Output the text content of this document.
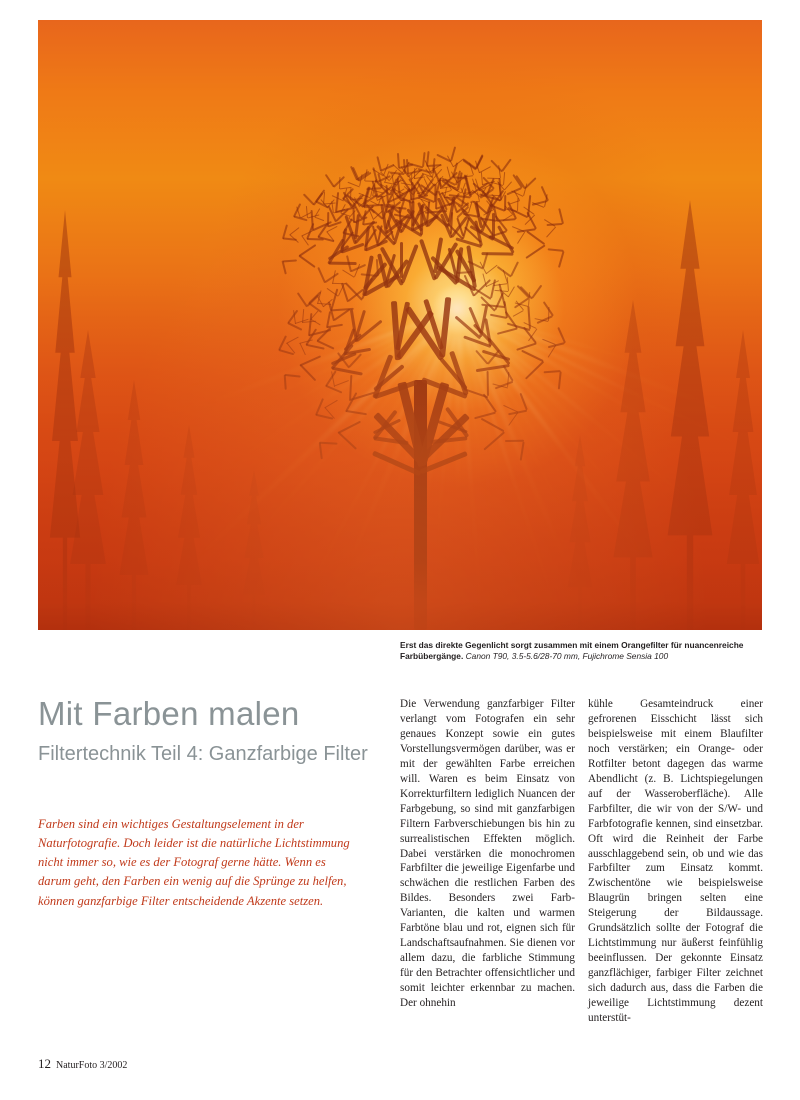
Erst das direkte Gegenlicht sorgt zusammen mit einem Orangefilter für nuancenreiche Farbübergänge. Canon T90, 3.5-5.6/28-70 mm, Fujichrome Sensia 100
Mit Farben malen
Filtertechnik Teil 4: Ganzfarbige Filter
Farben sind ein wichtiges Gestaltungselement in der Naturfotografie. Doch leider ist die natürliche Lichtstimmung nicht immer so, wie es der Fotograf gerne hätte. Wenn es darum geht, den Farben ein wenig auf die Sprünge zu helfen, können ganzfarbige Filter entscheidende Akzente setzen.

Die Verwendung ganzfarbiger Filter verlangt vom Fotografen ein sehr genaues Konzept sowie ein gutes Vorstellungsvermögen darüber, was er mit der gewählten Farbe erreichen will. Waren es beim Einsatz von Korrekturfiltern lediglich Nuancen der Farbgebung, so sind mit ganzfarbigen Filtern Farbverschiebungen bis hin zu surrealistischen Effekten möglich. Dabei verstärken die monochromen Farbfilter die jeweilige Eigenfarbe und schwächen die restlichen Farben des Bildes. Besonders zwei Farb-Varianten, die kalten und warmen Farbtöne blau und rot, eignen sich für Landschaftsaufnahmen. Sie dienen vor allem dazu, die farbliche Stimmung für den Betrachter offensichtlicher und somit leichter erkennbar zu machen. Der ohnehin

kühle Gesamteindruck einer gefrorenen Eisschicht lässt sich beispielsweise mit einem Blaufilter noch verstärken; ein Orange- oder Rotfilter betont dagegen das warme Abendlicht (z. B. Lichtspiegelungen auf der Wasseroberfläche). Alle Farbfilter, die wir von der S/W- und Farbfotografie kennen, sind einsetzbar. Oft wird die Reinheit der Farbe ausschlaggebend sein, ob und wie das Farbfilter zum Einsatz kommt. Zwischentöne wie beispielsweise Blaugrün bringen selten eine Steigerung der Bildaussage. Grundsätzlich sollte der Fotograf die Lichtstimmung nur äußerst feinfühlig beeinflussen. Der gekonnte Einsatz ganzflächiger, farbiger Filter zeichnet sich dadurch aus, dass die Farben die jeweilige Lichtstimmung dezent unterstüt-

12 NaturFoto 3/2002
